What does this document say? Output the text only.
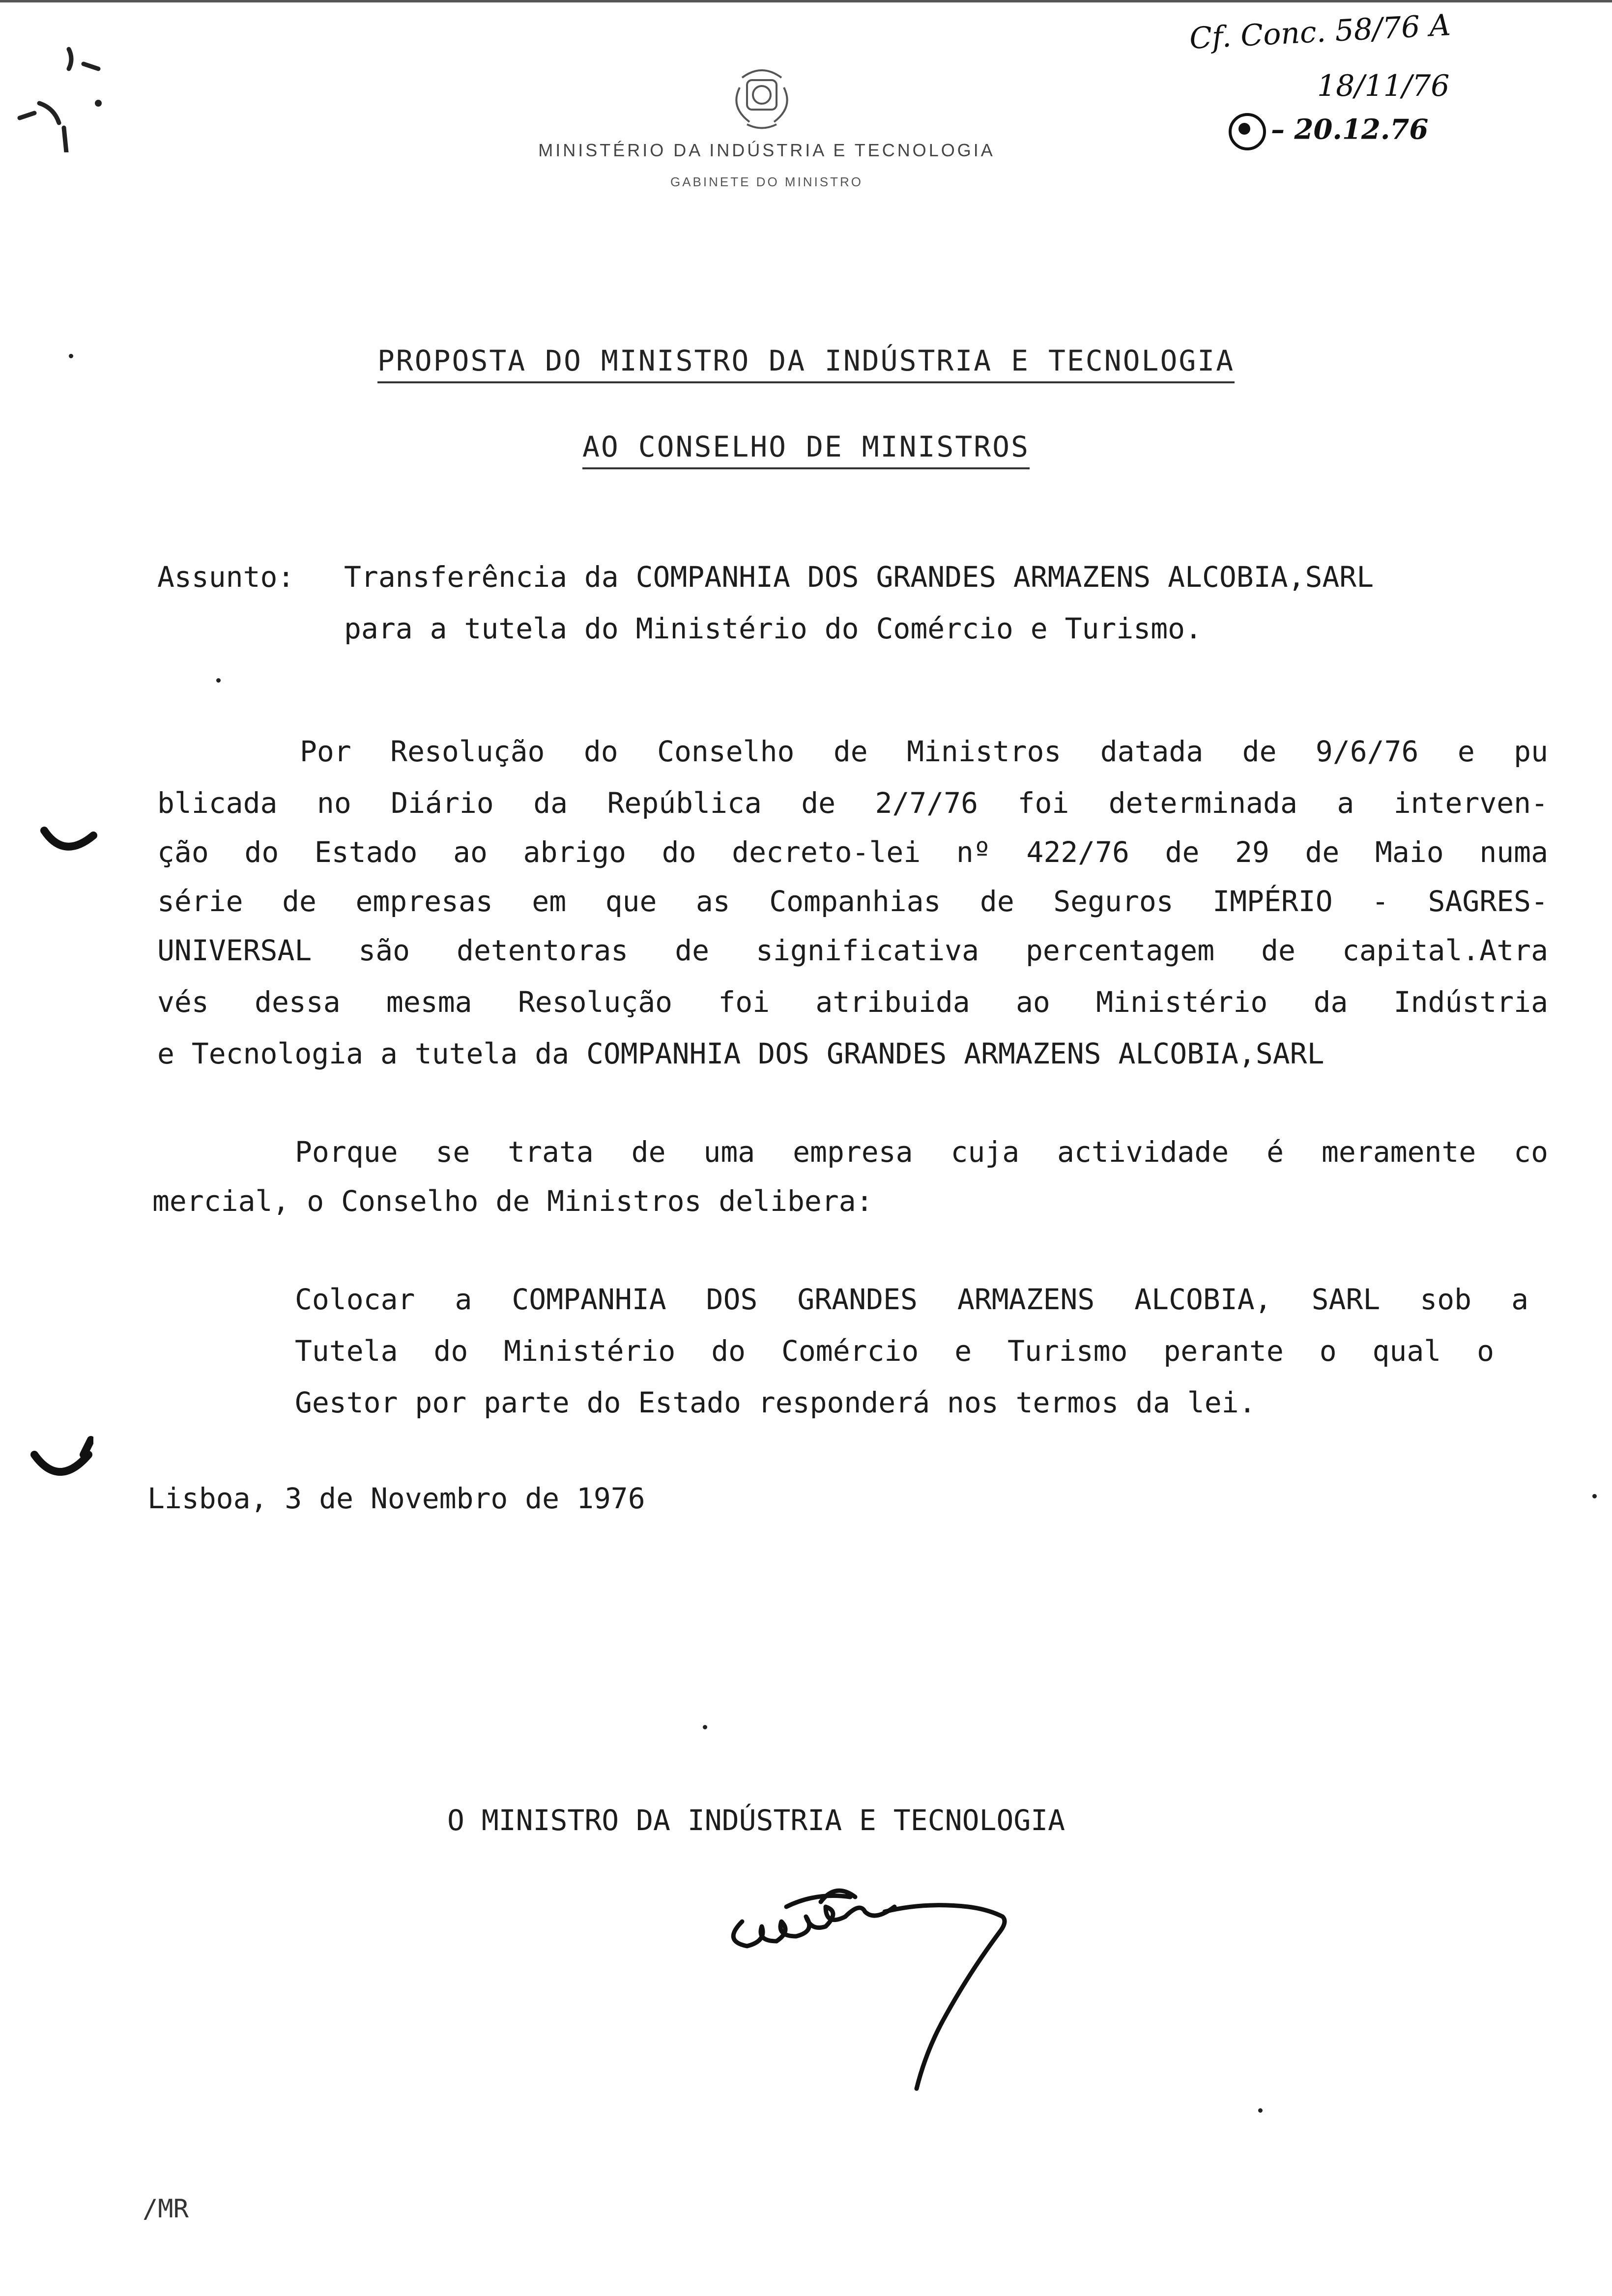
MINISTÉRIO DA INDÚSTRIA E TECNOLOGIA
GABINETE DO MINISTRO
Cf. Conc. 58/76 A
18/11/76
– 20.12.76
PROPOSTA DO MINISTRO DA INDÚSTRIA E TECNOLOGIA
AO CONSELHO DE MINISTROS
Assunto: Transferência da COMPANHIA DOS GRANDES ARMAZENS ALCOBIA,SARL
para a tutela do Ministério do Comércio e Turismo.
Por Resolução do Conselho de Ministros datada de 9/6/76 e pu
blicada no Diário da República de 2/7/76 foi determinada a interven-
ção do Estado ao abrigo do decreto-lei nº 422/76 de 29 de Maio numa
série de empresas em que as Companhias de Seguros IMPÉRIO - SAGRES-
UNIVERSAL são detentoras de significativa percentagem de capital.Atra
vés dessa mesma Resolução foi atribuida ao Ministério da Indústria
e Tecnologia a tutela da COMPANHIA DOS GRANDES ARMAZENS ALCOBIA,SARL
Porque se trata de uma empresa cuja actividade é meramente co
mercial, o Conselho de Ministros delibera:
Colocar a COMPANHIA DOS GRANDES ARMAZENS ALCOBIA, SARL sob a
Tutela do Ministério do Comércio e Turismo perante o qual o
Gestor por parte do Estado responderá nos termos da lei.
Lisboa, 3 de Novembro de 1976
O MINISTRO DA INDÚSTRIA E TECNOLOGIA
/MR
